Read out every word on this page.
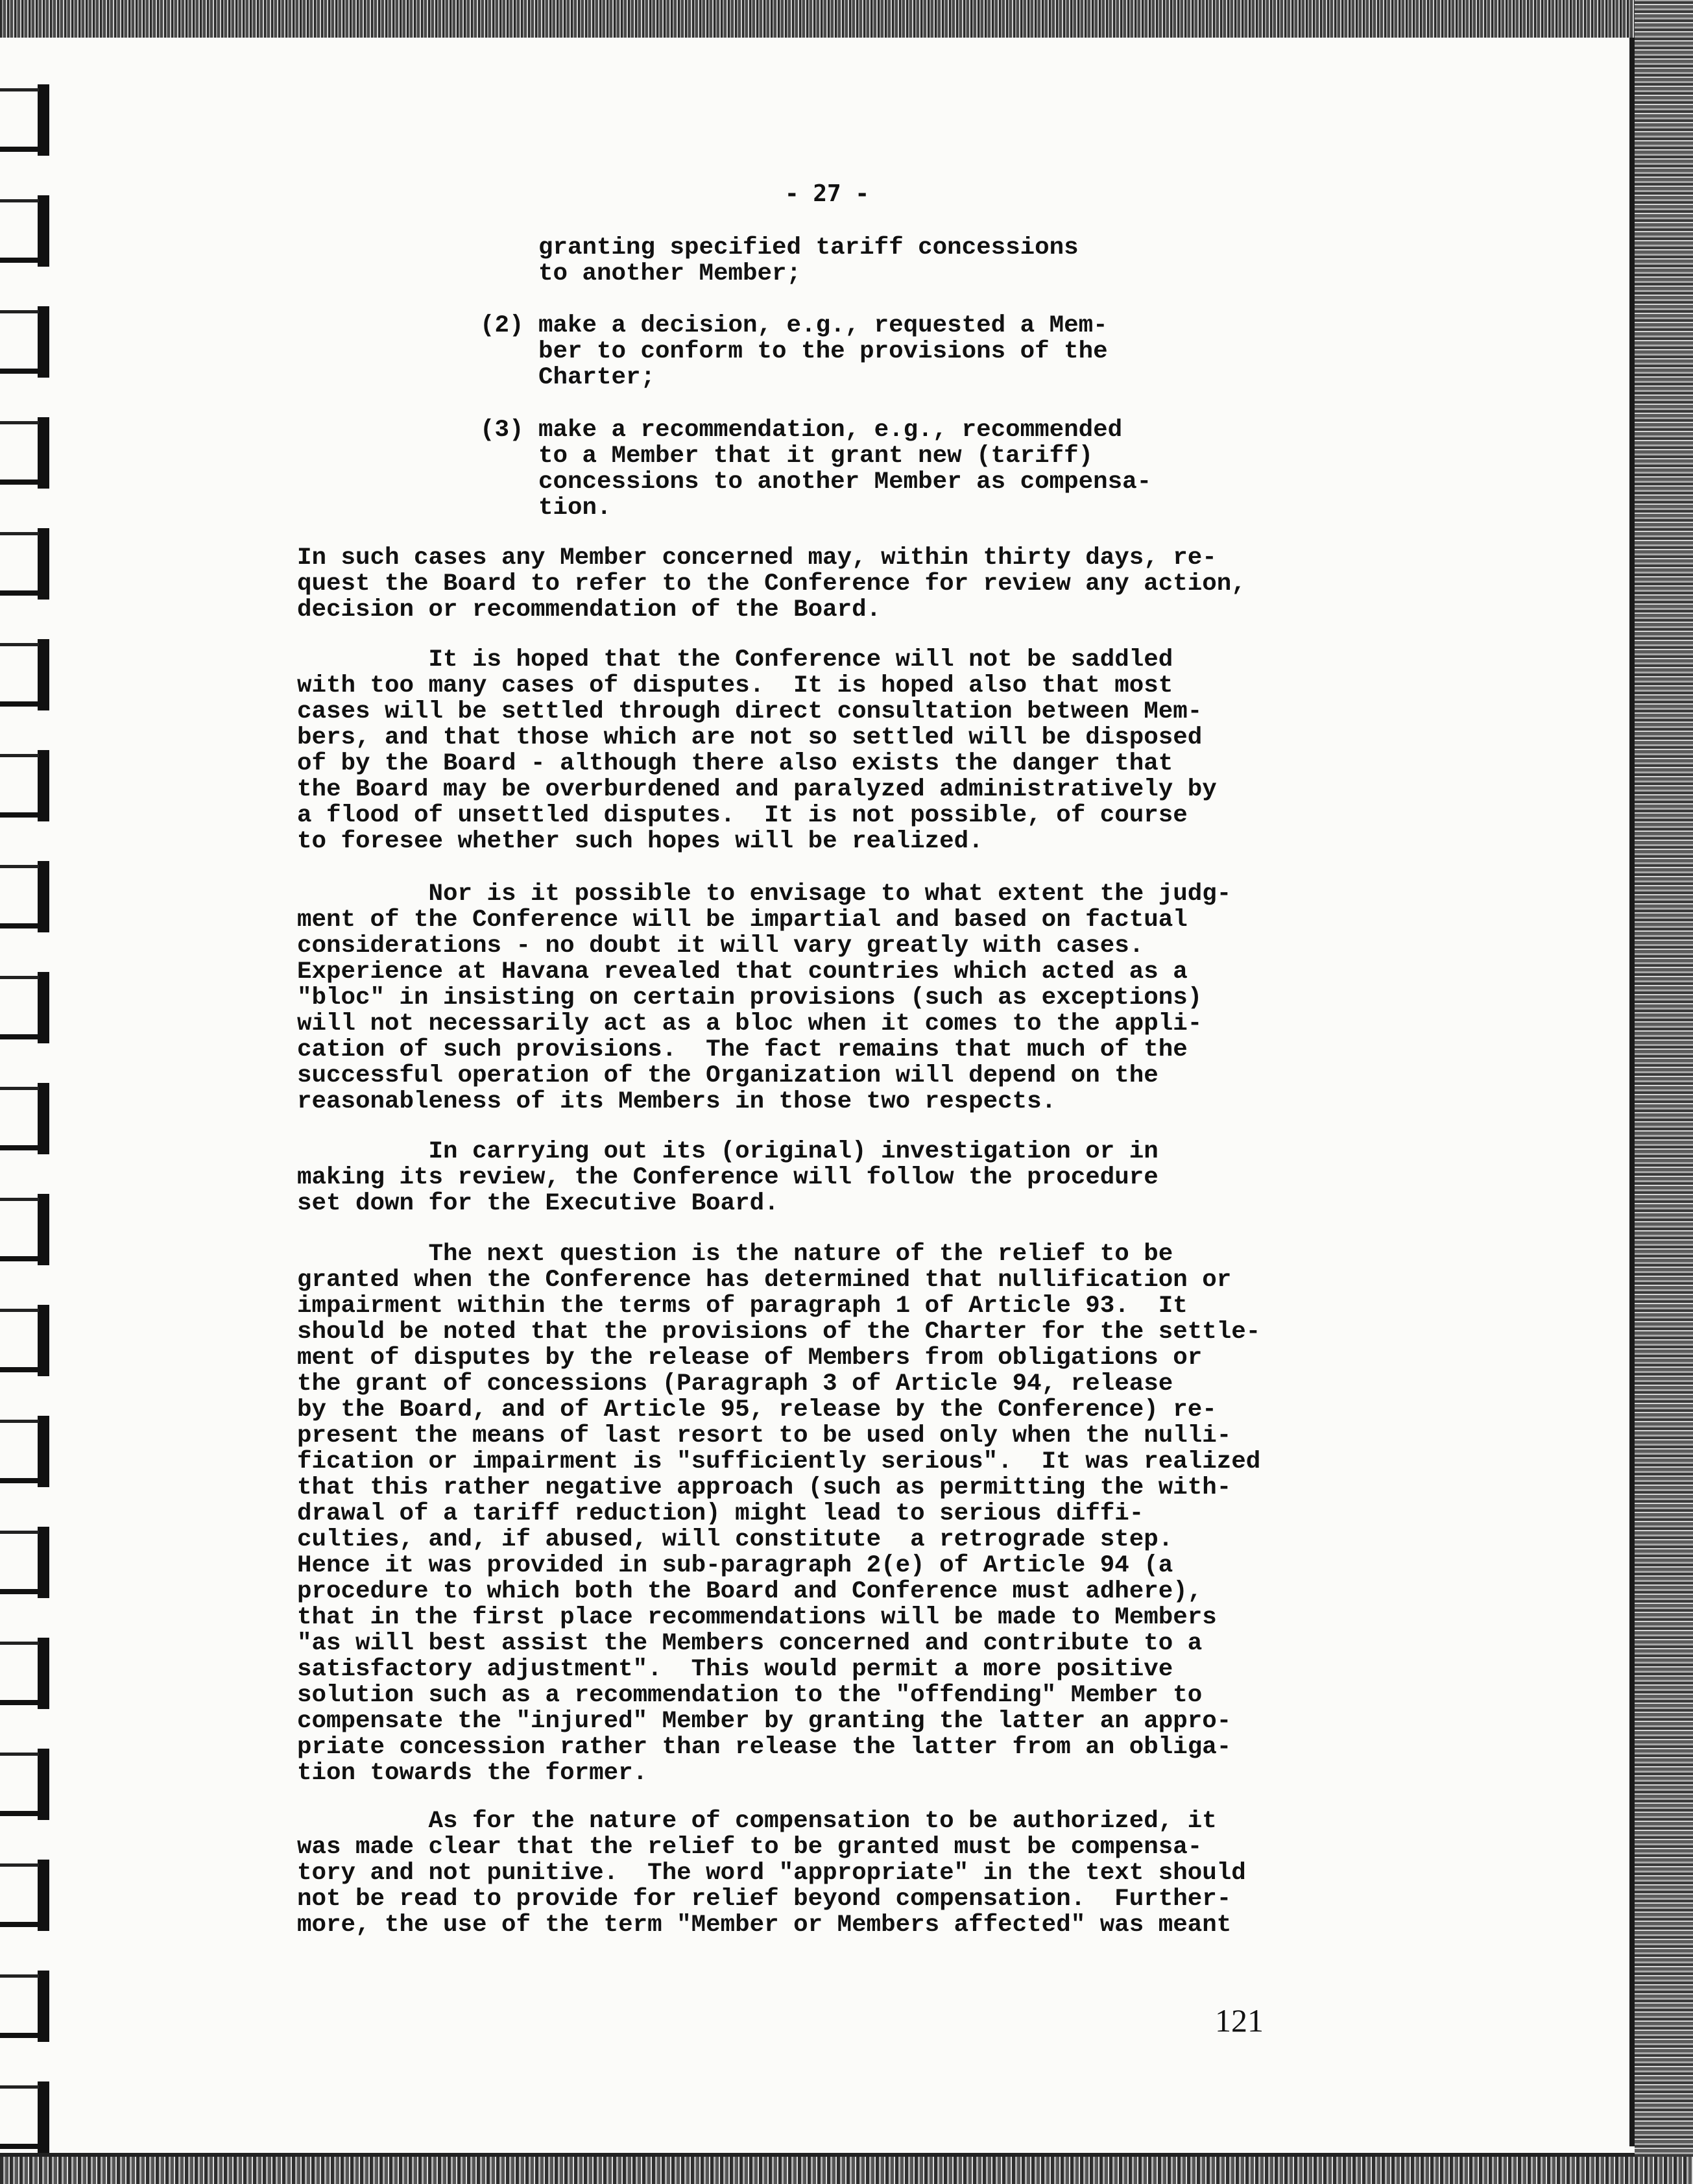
- 27 -
granting specified tariff concessions
to another Member;
(2) make a decision, e.g., requested a Mem-
ber to conform to the provisions of the
Charter;
(3) make a recommendation, e.g., recommended
to a Member that it grant new (tariff)
concessions to another Member as compensa-
tion.
In such cases any Member concerned may, within thirty days, re-
quest the Board to refer to the Conference for review any action,
decision or recommendation of the Board.
It is hoped that the Conference will not be saddled
with too many cases of disputes.  It is hoped also that most
cases will be settled through direct consultation between Mem-
bers, and that those which are not so settled will be disposed
of by the Board - although there also exists the danger that
the Board may be overburdened and paralyzed administratively by
a flood of unsettled disputes.  It is not possible, of course
to foresee whether such hopes will be realized.
Nor is it possible to envisage to what extent the judg-
ment of the Conference will be impartial and based on factual
considerations - no doubt it will vary greatly with cases.
Experience at Havana revealed that countries which acted as a
"bloc" in insisting on certain provisions (such as exceptions)
will not necessarily act as a bloc when it comes to the appli-
cation of such provisions.  The fact remains that much of the
successful operation of the Organization will depend on the
reasonableness of its Members in those two respects.
In carrying out its (original) investigation or in
making its review, the Conference will follow the procedure
set down for the Executive Board.
The next question is the nature of the relief to be
granted when the Conference has determined that nullification or
impairment within the terms of paragraph 1 of Article 93.  It
should be noted that the provisions of the Charter for the settle-
ment of disputes by the release of Members from obligations or
the grant of concessions (Paragraph 3 of Article 94, release
by the Board, and of Article 95, release by the Conference) re-
present the means of last resort to be used only when the nulli-
fication or impairment is "sufficiently serious".  It was realized
that this rather negative approach (such as permitting the with-
drawal of a tariff reduction) might lead to serious diffi-
culties, and, if abused, will constitute  a retrograde step.
Hence it was provided in sub-paragraph 2(e) of Article 94 (a
procedure to which both the Board and Conference must adhere),
that in the first place recommendations will be made to Members
"as will best assist the Members concerned and contribute to a
satisfactory adjustment".  This would permit a more positive
solution such as a recommendation to the "offending" Member to
compensate the "injured" Member by granting the latter an appro-
priate concession rather than release the latter from an obliga-
tion towards the former.
As for the nature of compensation to be authorized, it
was made clear that the relief to be granted must be compensa-
tory and not punitive.  The word "appropriate" in the text should
not be read to provide for relief beyond compensation.  Further-
more, the use of the term "Member or Members affected" was meant
121
